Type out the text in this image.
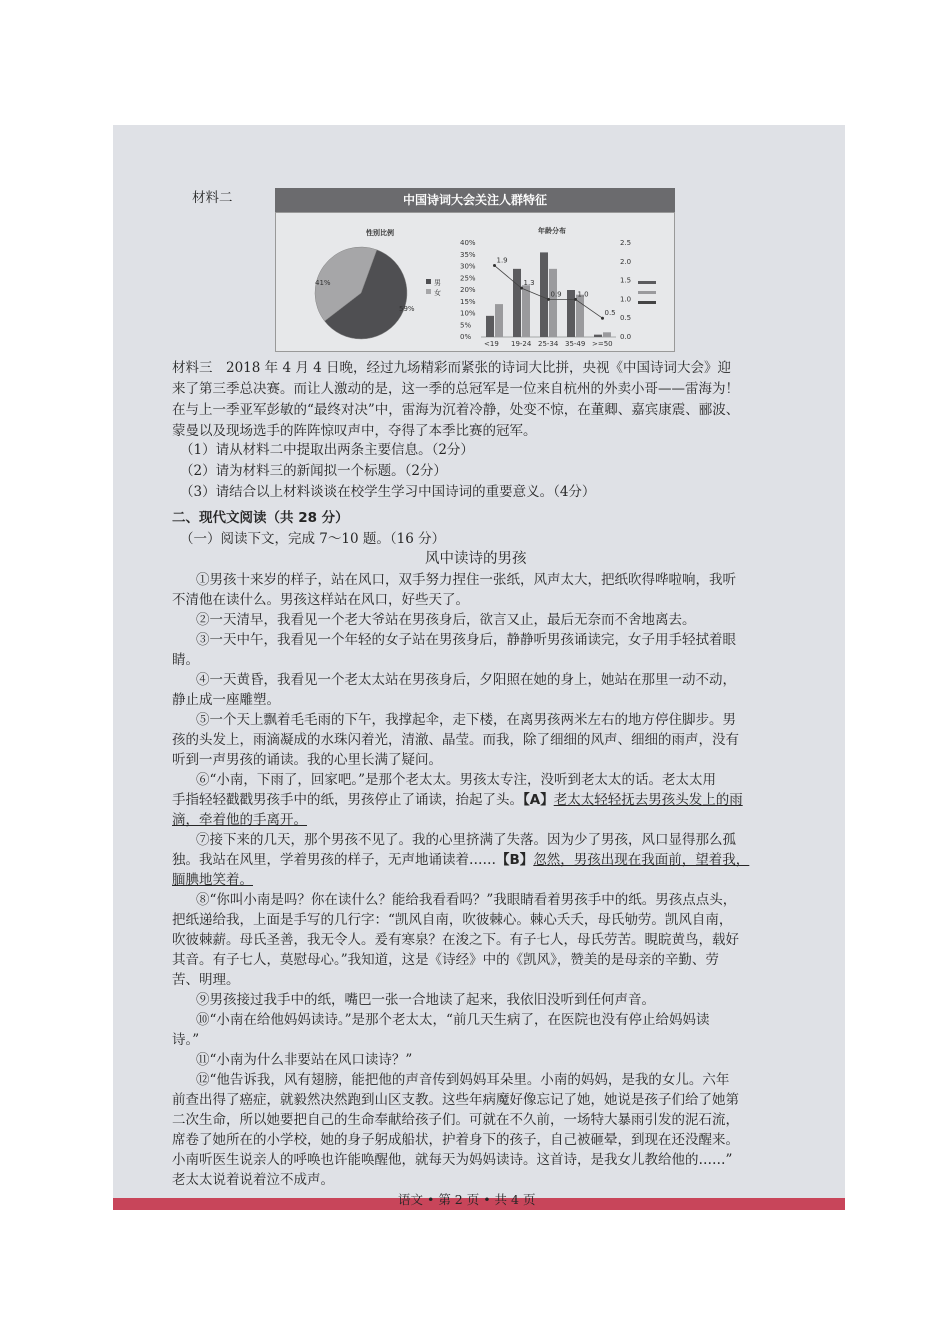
材料二	中国诗词大会关注人群特征
性别比例	年龄分布
41%
59%
男
女
0%
5%
10%
15%
20%
25%
30%
35%
40%
0.0
0.5
1.0
1.5
2.0
2.5
1.9
1.3
0.9 1.0
0.5
<19 19-24 25-34 35-49 >=50
材料三　2018 年 4 月 4 日晚，经过九场精彩而紧张的诗词大比拼，央视《中国诗词大会》迎
来了第三季总决赛。而让人激动的是，这一季的总冠军是一位来自杭州的外卖小哥——雷海为！
在与上一季亚军彭敏的“最终对决”中，雷海为沉着冷静，处变不惊，在董卿、嘉宾康震、郦波、
蒙曼以及现场选手的阵阵惊叹声中，夺得了本季比赛的冠军。
（1）请从材料二中提取出两条主要信息。（2分）
（2）请为材料三的新闻拟一个标题。（2分）
（3）请结合以上材料谈谈在校学生学习中国诗词的重要意义。（4分）
二、现代文阅读（共 28 分）
（一）阅读下文，完成 7～10 题。（16 分）
风中读诗的男孩
①男孩十来岁的样子，站在风口，双手努力捏住一张纸，风声太大，把纸吹得哗啦响，我听
不清他在读什么。男孩这样站在风口，好些天了。
②一天清早，我看见一个老大爷站在男孩身后，欲言又止，最后无奈而不舍地离去。
③一天中午，我看见一个年轻的女子站在男孩身后，静静听男孩诵读完，女子用手轻拭着眼
睛。
④一天黄昏，我看见一个老太太站在男孩身后，夕阳照在她的身上，她站在那里一动不动，
静止成一座雕塑。
⑤一个天上飘着毛毛雨的下午，我撑起伞，走下楼，在离男孩两米左右的地方停住脚步。男
孩的头发上，雨滴凝成的水珠闪着光，清澈、晶莹。而我，除了细细的风声、细细的雨声，没有
听到一声男孩的诵读。我的心里长满了疑问。
⑥“小南，下雨了，回家吧。”是那个老太太。男孩太专注，没听到老太太的话。老太太用
手指轻轻戳戳男孩手中的纸，男孩停止了诵读，抬起了头。【A】老太太轻轻抚去男孩头发上的雨
滴，牵着他的手离开。
⑦接下来的几天，那个男孩不见了。我的心里挤满了失落。因为少了男孩，风口显得那么孤
独。我站在风里，学着男孩的样子，无声地诵读着……【B】忽然，男孩出现在我面前，望着我，
腼腆地笑着。
⑧“你叫小南是吗？你在读什么？能给我看看吗？”我眼睛看着男孩手中的纸。男孩点点头，
把纸递给我，上面是手写的几行字：“凯风自南，吹彼棘心。棘心夭夭，母氏劬劳。凯风自南，
吹彼棘薪。母氏圣善，我无令人。爰有寒泉？在浚之下。有子七人，母氏劳苦。睍睆黄鸟，载好
其音。有子七人，莫慰母心。”我知道，这是《诗经》中的《凯风》，赞美的是母亲的辛勤、劳
苦、明理。
⑨男孩接过我手中的纸，嘴巴一张一合地读了起来，我依旧没听到任何声音。
⑩“小南在给他妈妈读诗。”是那个老太太，“前几天生病了，在医院也没有停止给妈妈读
诗。”
⑪“小南为什么非要站在风口读诗？”
⑫“他告诉我，风有翅膀，能把他的声音传到妈妈耳朵里。小南的妈妈，是我的女儿。六年
前查出得了癌症，就毅然决然跑到山区支教。这些年病魔好像忘记了她，她说是孩子们给了她第
二次生命，所以她要把自己的生命奉献给孩子们。可就在不久前，一场特大暴雨引发的泥石流，
席卷了她所在的小学校，她的身子躬成船状，护着身下的孩子，自己被砸晕，到现在还没醒来。
小南听医生说亲人的呼唤也许能唤醒他，就每天为妈妈读诗。这首诗，是我女儿教给他的……”
老太太说着说着泣不成声。
语文 • 第 2 页 • 共 4 页
